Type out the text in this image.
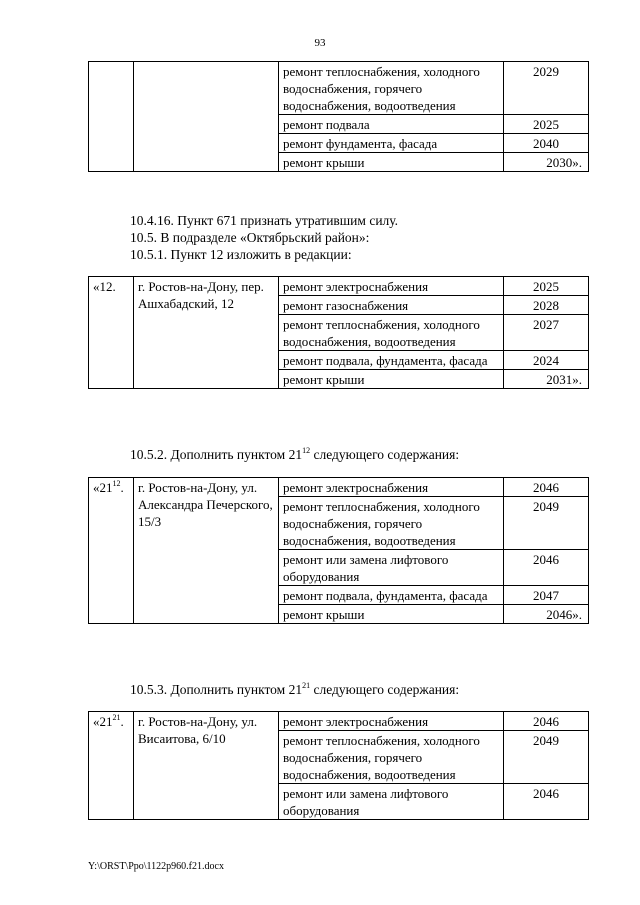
93
		ремонт теплоснабжения, холодного водоснабжения, горячего водоснабжения, водоотведения	2029
		ремонт подвала	2025
		ремонт фундамента, фасада	2040
		ремонт крыши	2030».
10.4.16. Пункт 671 признать утратившим силу.
10.5. В подразделе «Октябрьский район»:
10.5.1. Пункт 12 изложить в редакции:
«12.	г. Ростов-на-Дону, пер. Ашхабадский, 12	ремонт электроснабжения	2025
		ремонт газоснабжения	2028
		ремонт теплоснабжения, холодного водоснабжения, водоотведения	2027
		ремонт подвала, фундамента, фасада	2024
		ремонт крыши	2031».
10.5.2. Дополнить пунктом $21^{12}$ следующего содержания:
«$21^{12}$.	г. Ростов-на-Дону, ул. Александра Печерского, 15/3	ремонт электроснабжения	2046
		ремонт теплоснабжения, холодного водоснабжения, горячего водоснабжения, водоотведения	2049
		ремонт или замена лифтового оборудования	2046
		ремонт подвала, фундамента, фасада	2047
		ремонт крыши	2046».
10.5.3. Дополнить пунктом $21^{21}$ следующего содержания:
«$21^{21}$.	г. Ростов-на-Дону, ул. Висаитова, 6/10	ремонт электроснабжения	2046
		ремонт теплоснабжения, холодного водоснабжения, горячего водоснабжения, водоотведения	2049
		ремонт или замена лифтового оборудования	2046
Y:\ORST\Ppo\1122p960.f21.docx
